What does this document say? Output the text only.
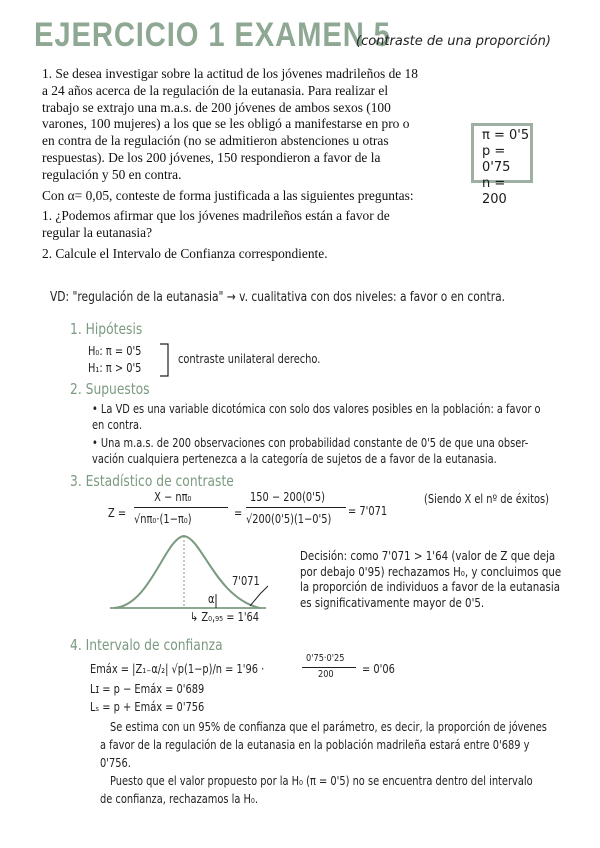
EJERCICIO 1 EXAMEN 5
(contraste de una proporción)
1. Se desea investigar sobre la actitud de los jóvenes madrileños de 18
a 24 años acerca de la regulación de la eutanasia. Para realizar el
trabajo se extrajo una m.a.s. de 200 jóvenes de ambos sexos (100
varones, 100 mujeres) a los que se les obligó a manifestarse en pro o
en contra de la regulación (no se admitieron abstenciones u otras
respuestas). De los 200 jóvenes, 150 respondieron a favor de la
regulación y 50 en contra.
Con α= 0,05, conteste de forma justificada a las siguientes preguntas:
1. ¿Podemos afirmar que los jóvenes madrileños están a favor de
regular la eutanasia?
2. Calcule el Intervalo de Confianza correspondiente.
π = 0'5
p = 0'75
n = 200
VD: "regulación de la eutanasia" → v. cualitativa con dos niveles: a favor o en contra.
1. Hipótesis
H₀: π = 0'5
H₁: π > 0'5
contraste unilateral derecho.
2. Supuestos
• La VD es una variable dicotómica con solo dos valores posibles en la población: a favor o
en contra.
• Una m.a.s. de 200 observaciones con probabilidad constante de 0'5 de que una obser-
vación cualquiera pertenezca a la categoría de sujetos de a favor de la eutanasia.
3. Estadístico de contraste
Z =
X − nπ₀
√nπ₀·(1−π₀)	=
150 − 200(0'5)
√200(0'5)(1−0'5)
= 7'071
(Siendo X el nº de éxitos)
7'071
α
↳ Z₀,₉₅ = 1'64
Decisión: como 7'071 > 1'64 (valor de Z que deja
por debajo 0'95) rechazamos H₀, y concluimos que
la proporción de individuos a favor de la eutanasia
es significativamente mayor de 0'5.
4. Intervalo de confianza
Emáx = |Z₁₋α/₂| √p(1−p)/n = 1'96 ·
0'75·0'25
200 = 0'06
Lɪ = p − Emáx = 0'689
Lₛ = p + Emáx = 0'756
Se estima con un 95% de confianza que el parámetro, es decir, la proporción de jóvenes
a favor de la regulación de la eutanasia en la población madrileña estará entre 0'689 y
0'756.
Puesto que el valor propuesto por la H₀ (π = 0'5) no se encuentra dentro del intervalo
de confianza, rechazamos la H₀.
